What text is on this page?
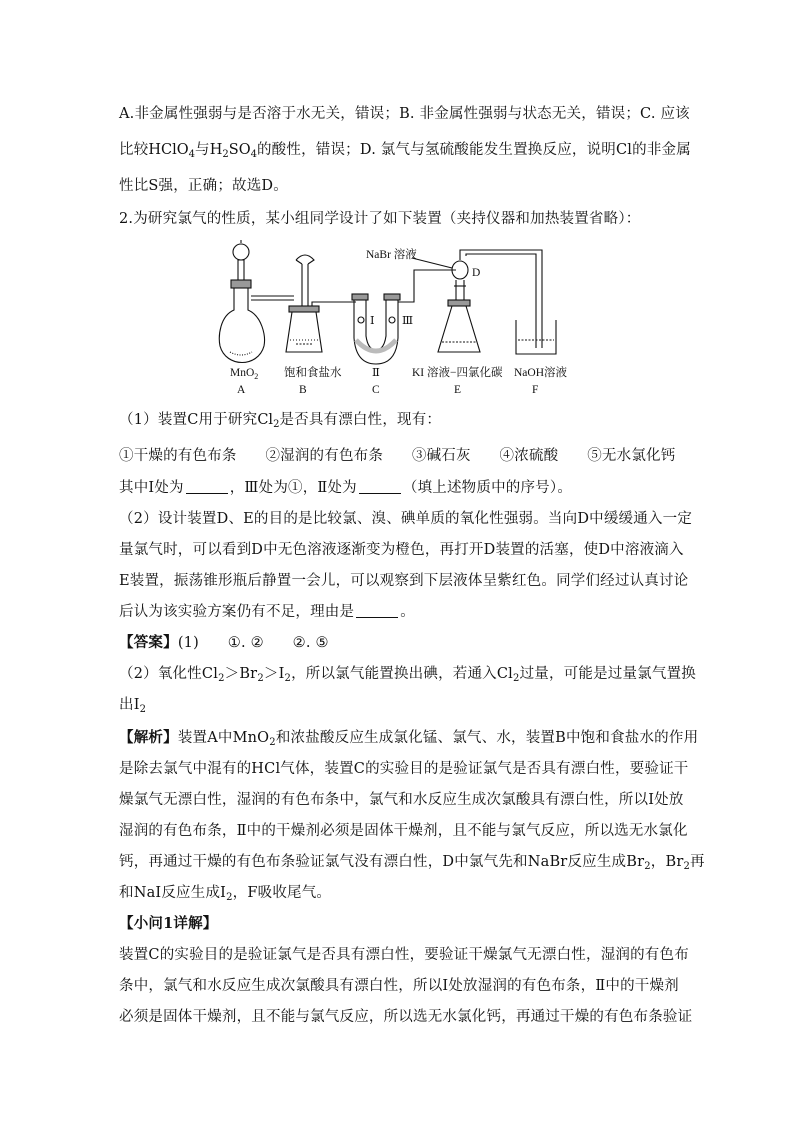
A.非金属性强弱与是否溶于水无关，错误；B. 非金属性强弱与状态无关，错误；C. 应该
比较HClO$_4$与$H_2SO_4$的酸性，错误；D. 氯气与氢硫酸能发生置换反应，说明Cl的非金属
性比S强，正确；故选D。
2.为研究氯气的性质，某小组同学设计了如下装置（夹持仪器和加热装置省略）：
NaBr 溶液
D
Ⅰ Ⅲ
MnO$_2$
A
饱和食盐水
B
Ⅱ
C
KI 溶液−四氯化碳
E
NaOH溶液
F
（1）装置C用于研究$Cl_2$是否具有漂白性，现有：
①干燥的有色布条      ②湿润的有色布条      ③碱石灰      ④浓硫酸      ⑤无水氯化钙
其中Ⅰ处为	，Ⅲ处为①，Ⅱ处为	（填上述物质中的序号）。
（2）设计装置D、E的目的是比较氯、溴、碘单质的氧化性强弱。当向D中缓缓通入一定
量氯气时，可以看到D中无色溶液逐渐变为橙色，再打开D装置的活塞，使D中溶液滴入
E装置，振荡锥形瓶后静置一会儿，可以观察到下层液体呈紫红色。同学们经过认真讨论
后认为该实验方案仍有不足，理由是	。
【答案】(1)      ①. ②      ②. ⑤
（2）氧化性$Cl_2>Br_2>I_2$，所以氯气能置换出碘，若通入$Cl_2$过量，可能是过量氯气置换
出$I_2$
【解析】装置A中MnO$_2$和浓盐酸反应生成氯化锰、氯气、水，装置B中饱和食盐水的作用
是除去氯气中混有的HCl气体，装置C的实验目的是验证氯气是否具有漂白性，要验证干
燥氯气无漂白性，湿润的有色布条中，氯气和水反应生成次氯酸具有漂白性，所以Ⅰ处放
湿润的有色布条，Ⅱ中的干燥剂必须是固体干燥剂，且不能与氯气反应，所以选无水氯化
钙，再通过干燥的有色布条验证氯气没有漂白性，D中氯气先和NaBr反应生成$Br_2$，$Br_2$再
和NaI反应生成$I_2$，F吸收尾气。
【小问1详解】
装置C的实验目的是验证氯气是否具有漂白性，要验证干燥氯气无漂白性，湿润的有色布
条中，氯气和水反应生成次氯酸具有漂白性，所以Ⅰ处放湿润的有色布条，Ⅱ中的干燥剂
必须是固体干燥剂，且不能与氯气反应，所以选无水氯化钙，再通过干燥的有色布条验证
